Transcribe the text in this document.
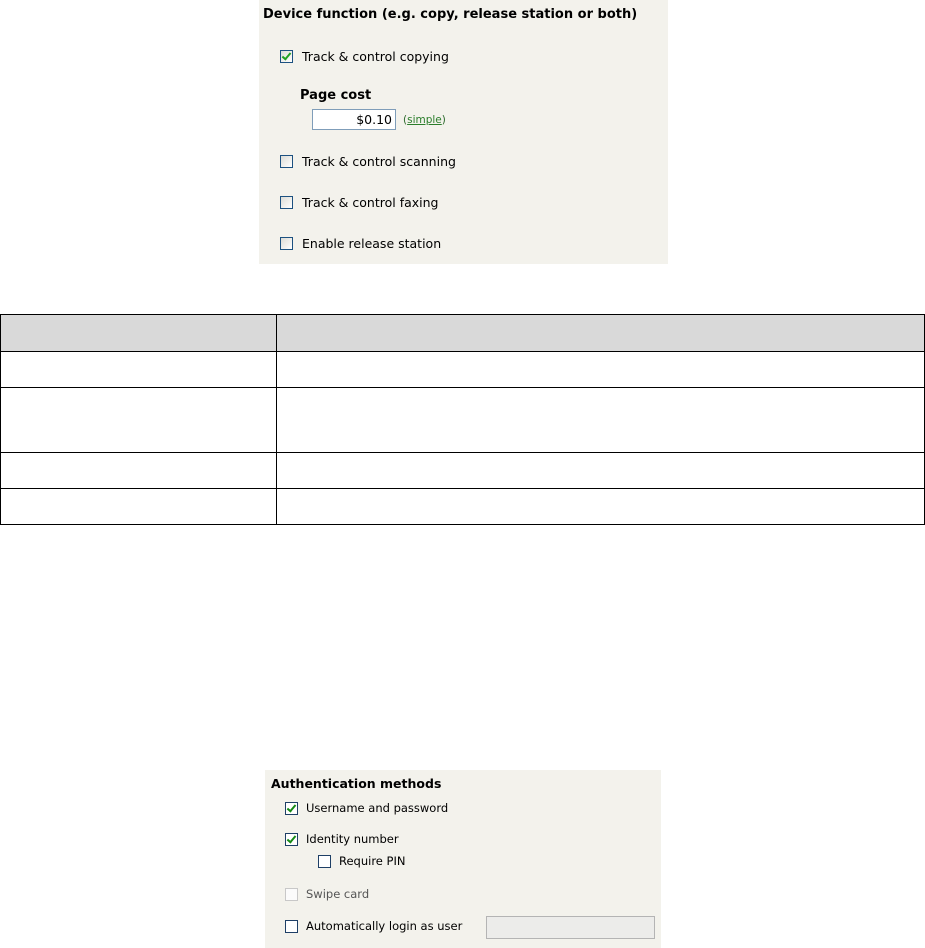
Device function (e.g. copy, release station or both)
Track & control copying
Page cost
$0.10
(simple)
Track & control scanning
Track & control faxing
Enable release station

Authentication methods
Username and password
Identity number
Require PIN
Swipe card
Automatically login as user
